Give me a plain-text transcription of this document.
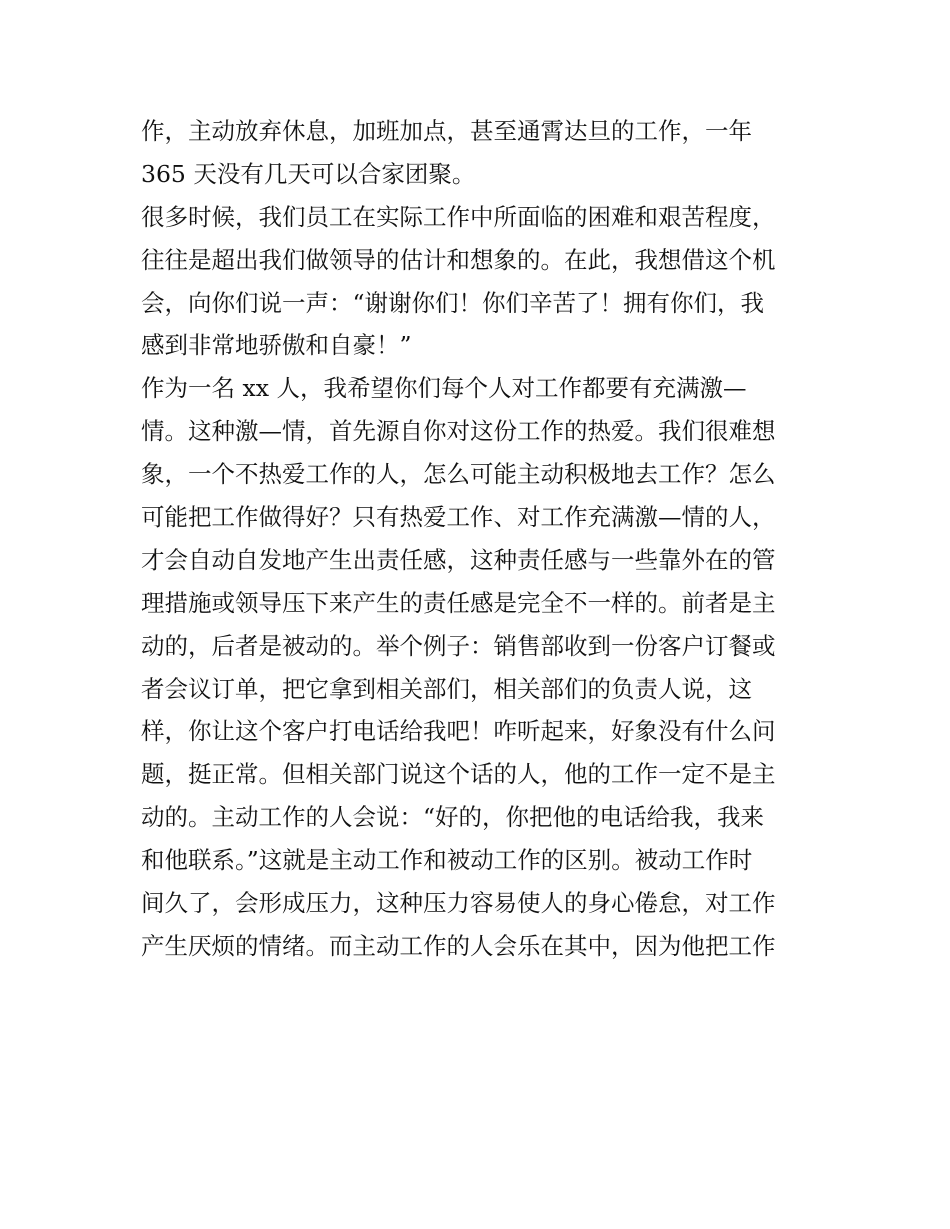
作，主动放弃休息，加班加点，甚至通霄达旦的工作，一年
365 天没有几天可以合家团聚。
很多时候，我们员工在实际工作中所面临的困难和艰苦程度，
往往是超出我们做领导的估计和想象的。在此，我想借这个机
会，向你们说一声：“谢谢你们！你们辛苦了！拥有你们，我
感到非常地骄傲和自豪！”
作为一名 xx 人，我希望你们每个人对工作都要有充满激—
情。这种激—情，首先源自你对这份工作的热爱。我们很难想
象，一个不热爱工作的人，怎么可能主动积极地去工作？怎么
可能把工作做得好？只有热爱工作、对工作充满激—情的人，
才会自动自发地产生出责任感，这种责任感与一些靠外在的管
理措施或领导压下来产生的责任感是完全不一样的。前者是主
动的，后者是被动的。举个例子：销售部收到一份客户订餐或
者会议订单，把它拿到相关部们，相关部们的负责人说，这
样，你让这个客户打电话给我吧！咋听起来，好象没有什么问
题，挺正常。但相关部门说这个话的人，他的工作一定不是主
动的。主动工作的人会说：“好的，你把他的电话给我，我来
和他联系。”这就是主动工作和被动工作的区别。被动工作时
间久了，会形成压力，这种压力容易使人的身心倦怠，对工作
产生厌烦的情绪。而主动工作的人会乐在其中，因为他把工作
